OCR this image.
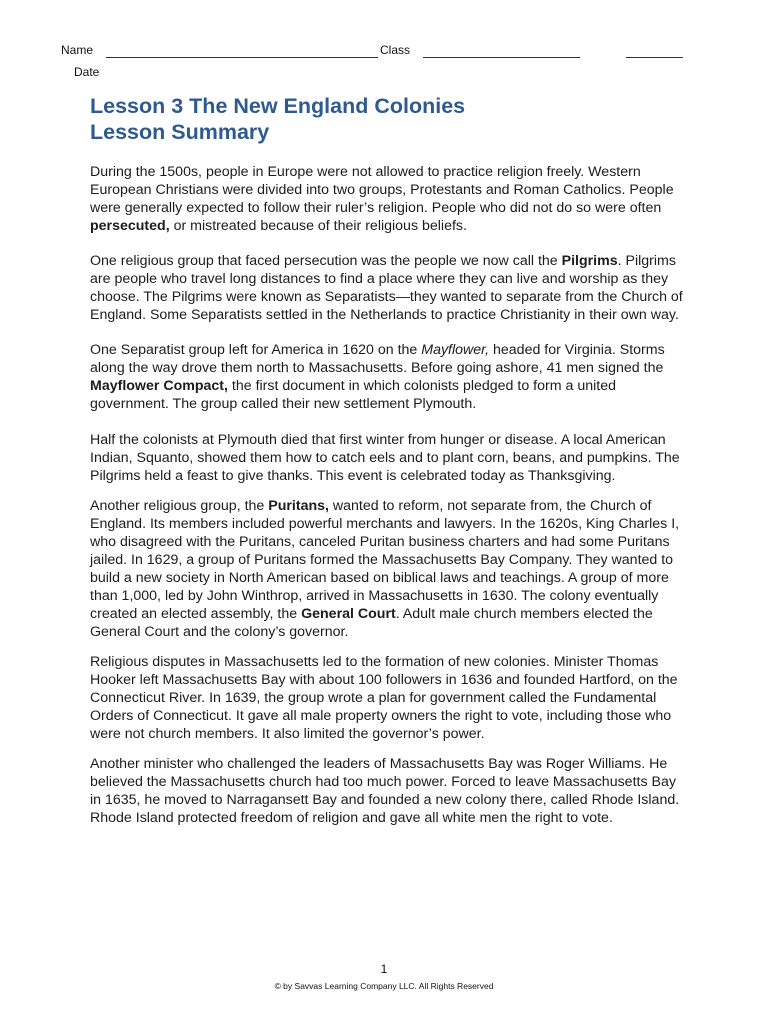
Name	Class
Date
Lesson 3 The New England Colonies
Lesson Summary

During the 1500s, people in Europe were not allowed to practice religion freely. Western European Christians were divided into two groups, Protestants and Roman Catholics. People were generally expected to follow their ruler’s religion. People who did not do so were often persecuted, or mistreated because of their religious beliefs.

One religious group that faced persecution was the people we now call the Pilgrims. Pilgrims are people who travel long distances to find a place where they can live and worship as they choose. The Pilgrims were known as Separatists—they wanted to separate from the Church of England. Some Separatists settled in the Netherlands to practice Christianity in their own way.

One Separatist group left for America in 1620 on the Mayflower, headed for Virginia. Storms along the way drove them north to Massachusetts. Before going ashore, 41 men signed the Mayflower Compact, the first document in which colonists pledged to form a united government. The group called their new settlement Plymouth.

Half the colonists at Plymouth died that first winter from hunger or disease. A local American Indian, Squanto, showed them how to catch eels and to plant corn, beans, and pumpkins. The Pilgrims held a feast to give thanks. This event is celebrated today as Thanksgiving.

Another religious group, the Puritans, wanted to reform, not separate from, the Church of England. Its members included powerful merchants and lawyers. In the 1620s, King Charles I, who disagreed with the Puritans, canceled Puritan business charters and had some Puritans jailed. In 1629, a group of Puritans formed the Massachusetts Bay Company. They wanted to build a new society in North American based on biblical laws and teachings. A group of more than 1,000, led by John Winthrop, arrived in Massachusetts in 1630. The colony eventually created an elected assembly, the General Court. Adult male church members elected the General Court and the colony’s governor.

Religious disputes in Massachusetts led to the formation of new colonies. Minister Thomas Hooker left Massachusetts Bay with about 100 followers in 1636 and founded Hartford, on the Connecticut River. In 1639, the group wrote a plan for government called the Fundamental Orders of Connecticut. It gave all male property owners the right to vote, including those who were not church members. It also limited the governor’s power.

Another minister who challenged the leaders of Massachusetts Bay was Roger Williams. He believed the Massachusetts church had too much power. Forced to leave Massachusetts Bay in 1635, he moved to Narragansett Bay and founded a new colony there, called Rhode Island. Rhode Island protected freedom of religion and gave all white men the right to vote.

1
© by Savvas Learning Company LLC. All Rights Reserved
